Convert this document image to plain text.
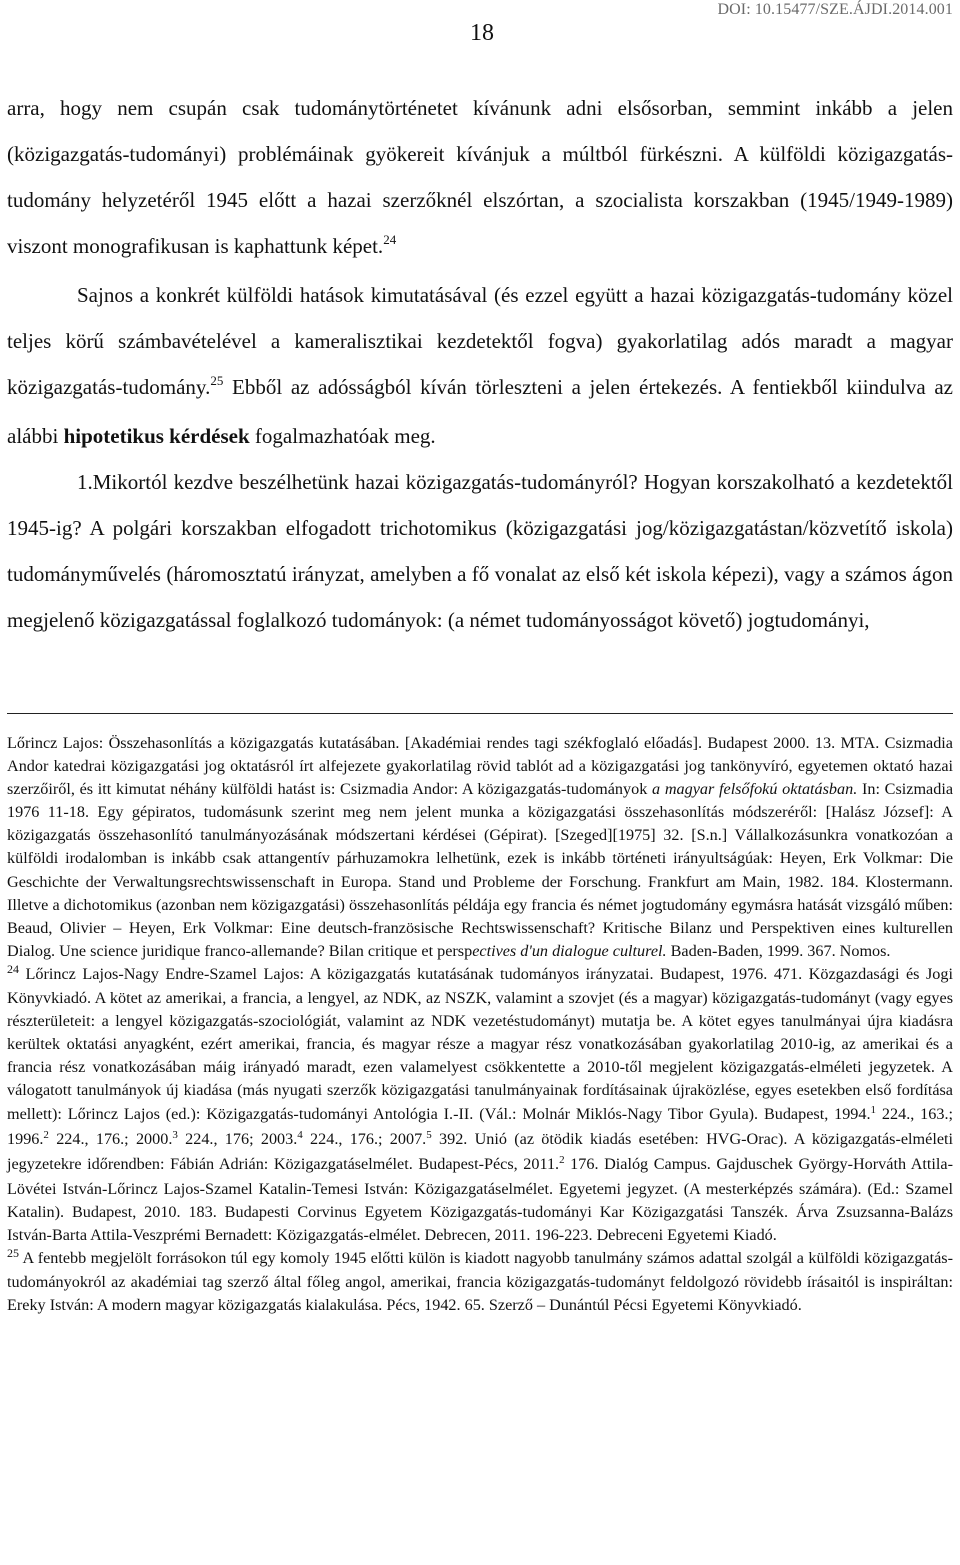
DOI: 10.15477/SZE.ÁJDI.2014.001
18

arra, hogy nem csupán csak tudománytörténetet kívánunk adni elsősorban, semmint inkább a jelen (közigazgatás-tudományi) problémáinak gyökereit kívánjuk a múltból fürkészni. A külföldi közigazgatás-tudomány helyzetéről 1945 előtt a hazai szerzőknél elszórtan, a szocialista korszakban (1945/1949-1989) viszont monografikusan is kaphattunk képet.$^{24}$

Sajnos a konkrét külföldi hatások kimutatásával (és ezzel együtt a hazai közigazgatás-tudomány közel teljes körű számbavételével a kameralisztikai kezdetektől fogva) gyakorlatilag adós maradt a magyar közigazgatás-tudomány.$^{25}$ Ebből az adósságból kíván törleszteni a jelen értekezés. A fentiekből kiindulva az alábbi hipotetikus kérdések fogalmazhatóak meg.

1.Mikortól kezdve beszélhetünk hazai közigazgatás-tudományról? Hogyan korszakolható a kezdetektől 1945-ig? A polgári korszakban elfogadott trichotomikus (közigazgatási jog/közigazgatástan/közvetítő iskola) tudományművelés (háromosztatú irányzat, amelyben a fő vonalat az első két iskola képezi), vagy a számos ágon megjelenő közigazgatással foglalkozó tudományok: (a német tudományosságot követő) jogtudományi,

Lőrincz Lajos: Összehasonlítás a közigazgatás kutatásában. [Akadémiai rendes tagi székfoglaló előadás]. Budapest 2000. 13. MTA. Csizmadia Andor katedrai közigazgatási jog oktatásról írt alfejezete gyakorlatilag rövid tablót ad a közigazgatási jog tankönyvíró, egyetemen oktató hazai szerzőiről, és itt kimutat néhány külföldi hatást is: Csizmadia Andor: A közigazgatás-tudományok a magyar felsőfokú oktatásban. In: Csizmadia 1976 11-18. Egy gépiratos, tudomásunk szerint meg nem jelent munka a közigazgatási összehasonlítás módszeréről: [Halász József]: A közigazgatás összehasonlító tanulmányozásának módszertani kérdései (Gépirat). [Szeged][1975] 32. [S.n.] Vállalkozásunkra vonatkozóan a külföldi irodalomban is inkább csak attangentív párhuzamokra lelhetünk, ezek is inkább történeti irányultságúak: Heyen, Erk Volkmar: Die Geschichte der Verwaltungsrechtswissenschaft in Europa. Stand und Probleme der Forschung. Frankfurt am Main, 1982. 184. Klostermann. Illetve a dichotomikus (azonban nem közigazgatási) összehasonlítás példája egy francia és német jogtudomány egymásra hatását vizsgáló műben: Beaud, Olivier – Heyen, Erk Volkmar: Eine deutsch-französische Rechtswissenschaft? Kritische Bilanz und Perspektiven eines kulturellen Dialog. Une science juridique franco-allemande? Bilan critique et perspectives d'un dialogue culturel. Baden-Baden, 1999. 367. Nomos.

$^{24}$ Lőrincz Lajos-Nagy Endre-Szamel Lajos: A közigazgatás kutatásának tudományos irányzatai. Budapest, 1976. 471. Közgazdasági és Jogi Könyvkiadó. A kötet az amerikai, a francia, a lengyel, az NDK, az NSZK, valamint a szovjet (és a magyar) közigazgatás-tudományt (vagy egyes részterületeit: a lengyel közigazgatás-szociológiát, valamint az NDK vezetéstudományt) mutatja be. A kötet egyes tanulmányai újra kiadásra kerültek oktatási anyagként, ezért amerikai, francia, és magyar része a magyar rész vonatkozásában gyakorlatilag 2010-ig, az amerikai és a francia rész vonatkozásában máig irányadó maradt, ezen valamelyest csökkentette a 2010-től megjelent közigazgatás-elméleti jegyzetek. A válogatott tanulmányok új kiadása (más nyugati szerzők közigazgatási tanulmányainak fordításainak újraközlése, egyes esetekben első fordítása mellett): Lőrincz Lajos (ed.): Közigazgatás-tudományi Antológia I.-II. (Vál.: Molnár Miklós-Nagy Tibor Gyula). Budapest, 1994.$^1$ 224., 163.; 1996.$^2$ 224., 176.; 2000.$^3$ 224., 176; 2003.$^4$ 224., 176.; 2007.$^5$ 392. Unió (az ötödik kiadás esetében: HVG-Orac). A közigazgatás-elméleti jegyzetekre időrendben: Fábián Adrián: Közigazgatáselmélet. Budapest-Pécs, 2011.$^2$ 176. Dialóg Campus. Gajduschek György-Horváth Attila-Lövétei István-Lőrincz Lajos-Szamel Katalin-Temesi István: Közigazgatáselmélet. Egyetemi jegyzet. (A mesterképzés számára). (Ed.: Szamel Katalin). Budapest, 2010. 183. Budapesti Corvinus Egyetem Közigazgatás-tudományi Kar Közigazgatási Tanszék. Árva Zsuzsanna-Balázs István-Barta Attila-Veszprémi Bernadett: Közigazgatás-elmélet. Debrecen, 2011. 196-223. Debreceni Egyetemi Kiadó.

$^{25}$ A fentebb megjelölt forrásokon túl egy komoly 1945 előtti külön is kiadott nagyobb tanulmány számos adattal szolgál a külföldi közigazgatás-tudományokról az akadémiai tag szerző által főleg angol, amerikai, francia közigazgatás-tudományt feldolgozó rövidebb írásaitól is inspiráltan: Ereky István: A modern magyar közigazgatás kialakulása. Pécs, 1942. 65. Szerző – Dunántúl Pécsi Egyetemi Könyvkiadó.
